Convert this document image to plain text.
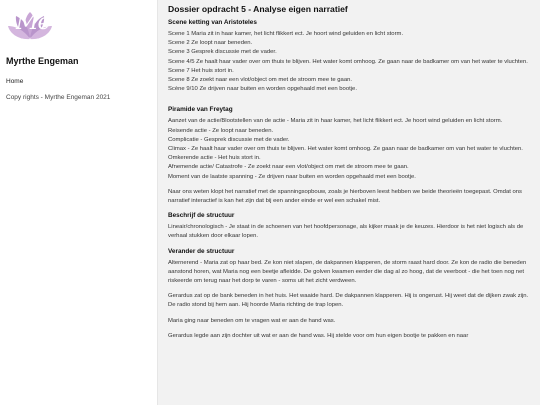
Me
Myrthe Engeman
Home
Copy rights - Myrthe Engeman 2021
Dossier opdracht 5 - Analyse eigen narratief
Scene ketting van Aristoteles
Scene 1 Maria zit in haar kamer, het licht flikkert ect. Je hoort wind geluiden en licht storm.
Scene 2 Ze loopt naar beneden.
Scene 3 Gesprek discussie met de vader.
Scene 4/5 Ze haalt haar vader over om thuis te blijven. Het water komt omhoog. Ze gaan naar de badkamer om van het water te vluchten.
Scene 7 Het huis stort in.
Scene 8 Ze zoekt naar een vlot/object om met de stroom mee te gaan.
Scène 9/10 Ze drijven naar buiten en worden opgehaald met een bootje.
Piramide van Freytag
Aanzet van de actie/Blootstellen van de actie - Maria zit in haar kamer, het licht flikkert ect. Je hoort wind geluiden en licht storm.
Reisende actie - Ze loopt naar beneden.
Complicatie - Gesprek discussie met de vader.
Climax - Ze haalt haar vader over om thuis te blijven. Het water komt omhoog. Ze gaan naar de badkamer om van het water te vluchten.
Omkerende actie - Het huis stort in.
Afnemende actie/ Catastrofe - Ze zoekt naar een vlot/object om met de stroom mee te gaan.
Moment van de laatste spanning - Ze drijven naar buiten en worden opgehaald met een bootje.

Naar ons weten klopt het narratief met de spanningsopbouw, zoals je hierboven leest hebben we beide theorieën toegepast. Omdat ons narratief interactief is kan het zijn dat bij een ander einde er wel een schakel mist.

Beschrijf de structuur

Lineair/chronologisch - Je staat in de schoenen van het hoofdpersonage, als kijker maak je de keuzes. Hierdoor is het niet logisch als de verhaal stukken door elkaar lopen.

Verander de structuur

Alternerend - Maria zat op haar bed. Ze kon niet slapen, de dakpannen klapperen, de storm raast hard door. Ze kon de radio die beneden aanstond horen, wat Maria nog een beetje afleidde. De golven kwamen eerder die dag al zo hoog, dat de veerboot - die het toen nog net riskeerde om terug naar het dorp te varen - soms uit het zicht verdween.

Gerardus zat op de bank beneden in het huis. Het waaide hard. De dakpannen klapperen. Hij is ongerust. Hij weet dat de dijken zwak zijn. De radio stond bij hem aan. Hij hoorde Maria richting de trap lopen.

Maria ging naar beneden om te vragen wat er aan de hand was.

Gerardus legde aan zijn dochter uit wat er aan de hand was. Hij stelde voor om hun eigen bootje te pakken en naar
